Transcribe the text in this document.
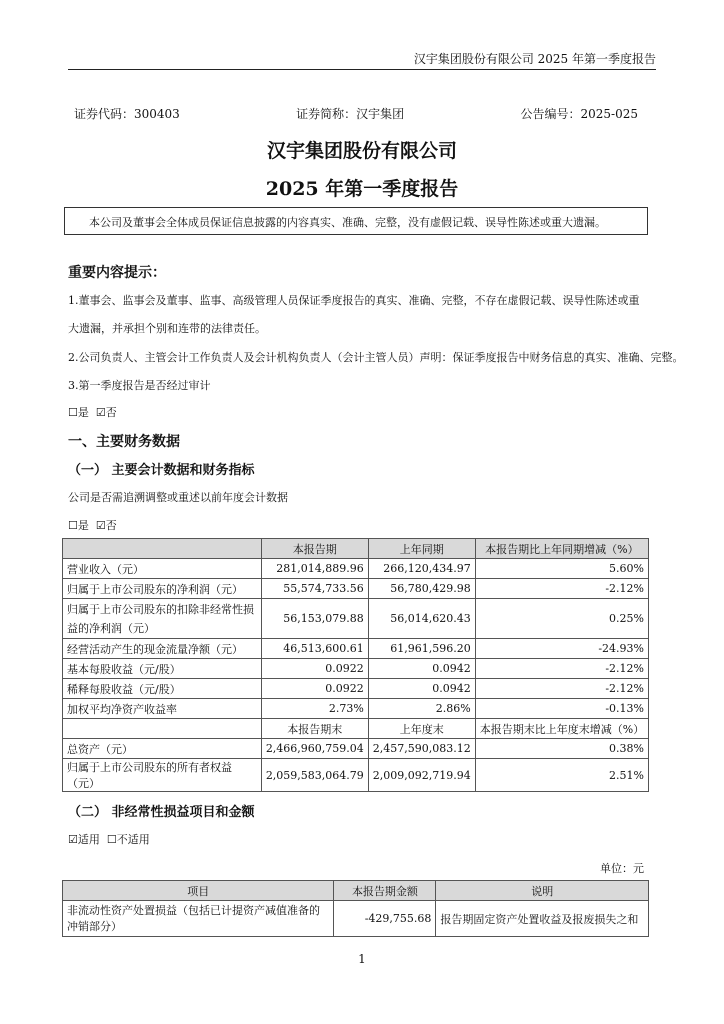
汉宇集团股份有限公司 2025 年第一季度报告
证券代码：300403	证券简称：汉宇集团	公告编号：2025-025
汉宇集团股份有限公司
2025 年第一季度报告
本公司及董事会全体成员保证信息披露的内容真实、准确、完整，没有虚假记载、误导性陈述或重大遗漏。
重要内容提示：
1.董事会、监事会及董事、监事、高级管理人员保证季度报告的真实、准确、完整，不存在虚假记载、误导性陈述或重
大遗漏，并承担个别和连带的法律责任。
2.公司负责人、主管会计工作负责人及会计机构负责人（会计主管人员）声明：保证季度报告中财务信息的真实、准确、完整。
3.第一季度报告是否经过审计
☐是 ☑否
一、主要财务数据
（一） 主要会计数据和财务指标
公司是否需追溯调整或重述以前年度会计数据
☐是 ☑否
	本报告期	上年同期	本报告期比上年同期增减（%）
营业收入（元）	281,014,889.96	266,120,434.97	5.60%
归属于上市公司股东的净利润（元）	55,574,733.56	56,780,429.98	-2.12%
归属于上市公司股东的扣除非经常性损益的净利润（元）	56,153,079.88	56,014,620.43	0.25%
经营活动产生的现金流量净额（元）	46,513,600.61	61,961,596.20	-24.93%
基本每股收益（元/股）	0.0922	0.0942	-2.12%
稀释每股收益（元/股）	0.0922	0.0942	-2.12%
加权平均净资产收益率	2.73%	2.86%	-0.13%
	本报告期末	上年度末	本报告期末比上年度末增减（%）
总资产（元）	2,466,960,759.04	2,457,590,083.12	0.38%
归属于上市公司股东的所有者权益（元）	2,059,583,064.79	2,009,092,719.94	2.51%
（二） 非经常性损益项目和金额
☑适用 ☐不适用
单位：元
项目	本报告期金额	说明
非流动性资产处置损益（包括已计提资产减值准备的冲销部分）	-429,755.68	报告期固定资产处置收益及报废损失之和
1
